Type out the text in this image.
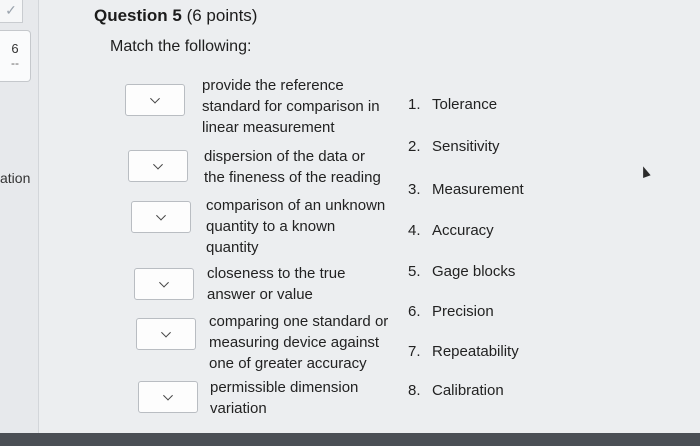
✓
6
--
ation
Question 5 (6 points)
Match the following:
provide the reference standard for comparison in linear measurement
dispersion of the data or the fineness of the reading
comparison of an unknown quantity to a known quantity
closeness to the true answer or value
comparing one standard or measuring device against one of greater accuracy
permissible dimension variation
1. Tolerance
2. Sensitivity
3. Measurement
4. Accuracy
5. Gage blocks
6. Precision
7. Repeatability
8. Calibration
